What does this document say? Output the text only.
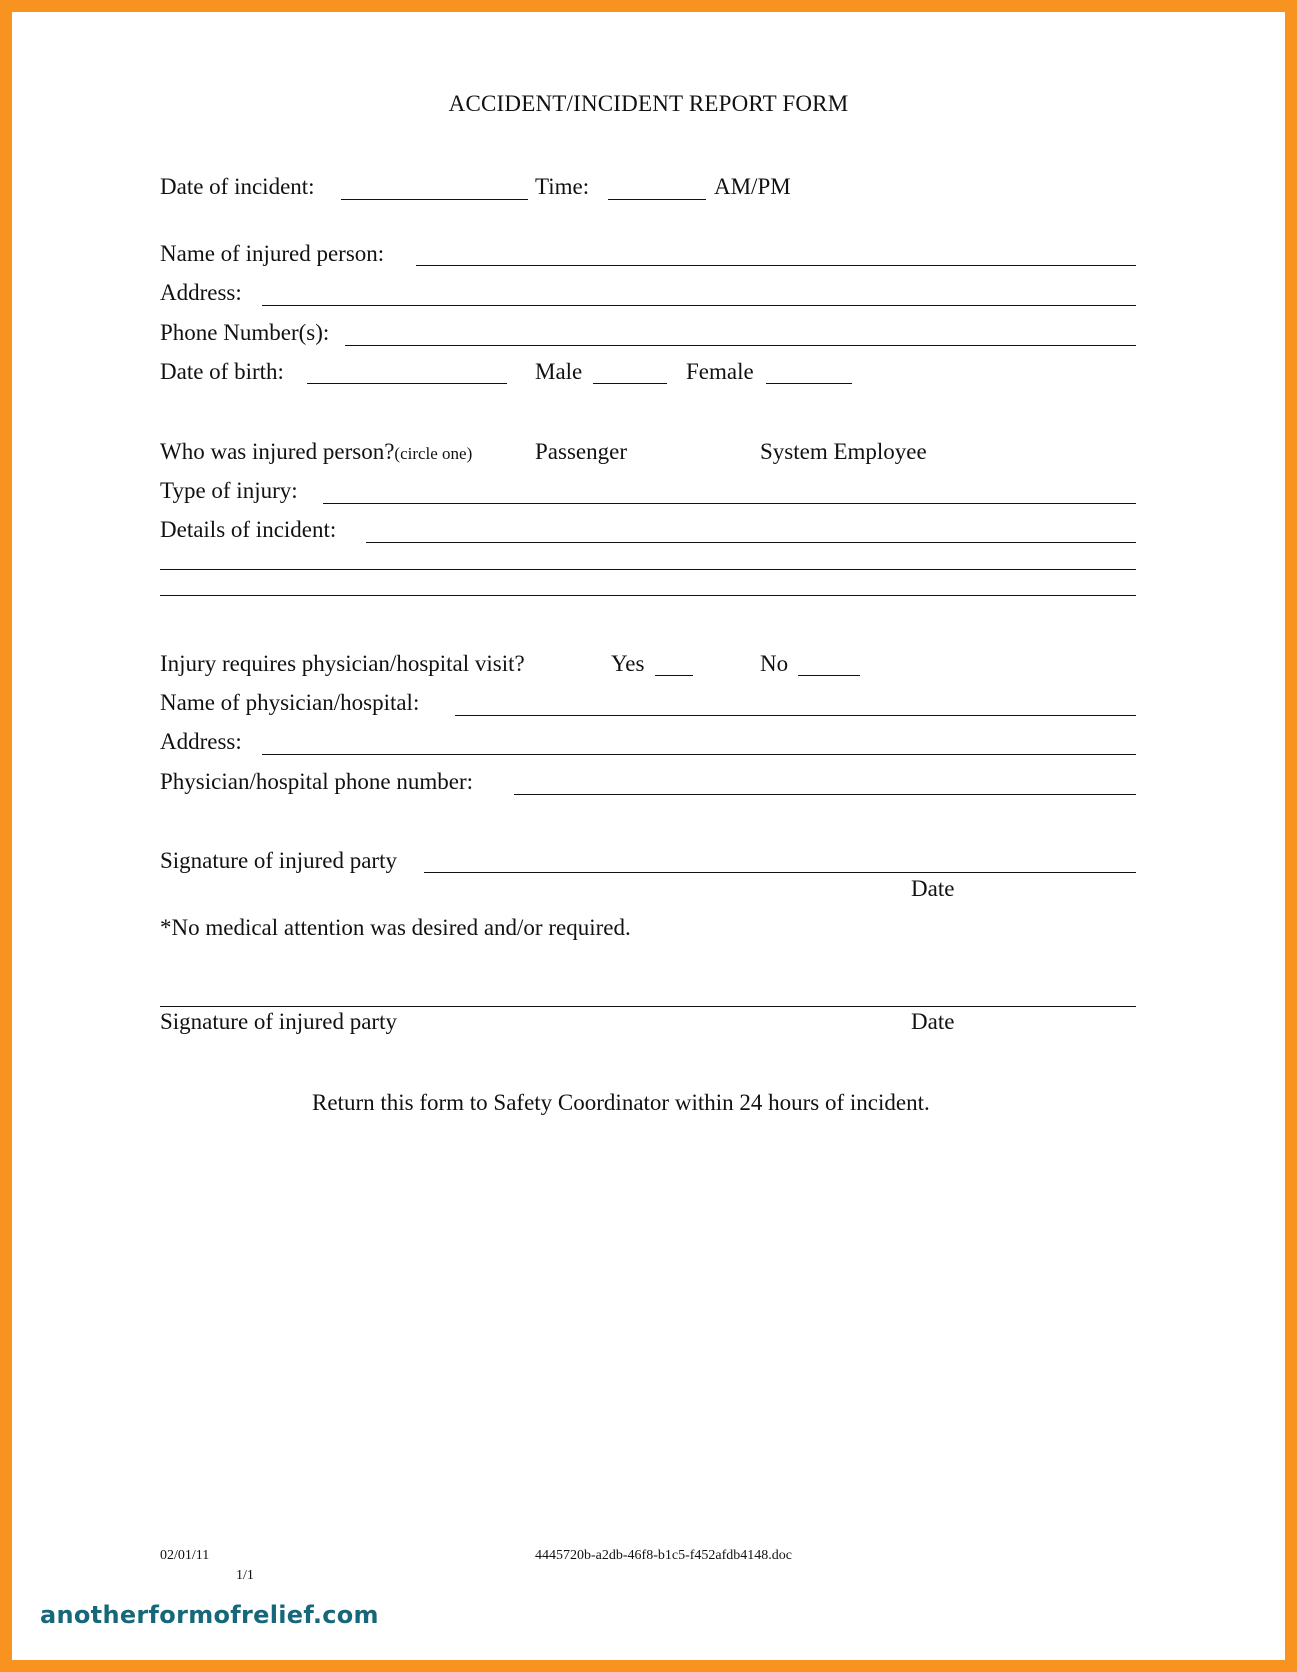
ACCIDENT/INCIDENT REPORT FORM
Date of incident:	Time:	AM/PM
Name of injured person:
Address:
Phone Number(s):
Date of birth:	Male	Female
Who was injured person?(circle one)	Passenger	System Employee
Type of injury:
Details of incident:
Injury requires physician/hospital visit?	Yes	No
Name of physician/hospital:
Address:
Physician/hospital phone number:
Signature of injured party
Date
*No medical attention was desired and/or required.
Signature of injured party	Date
Return this form to Safety Coordinator within 24 hours of incident.
02/01/11
1/1
4445720b-a2db-46f8-b1c5-f452afdb4148.doc
anotherformofrelief.com
